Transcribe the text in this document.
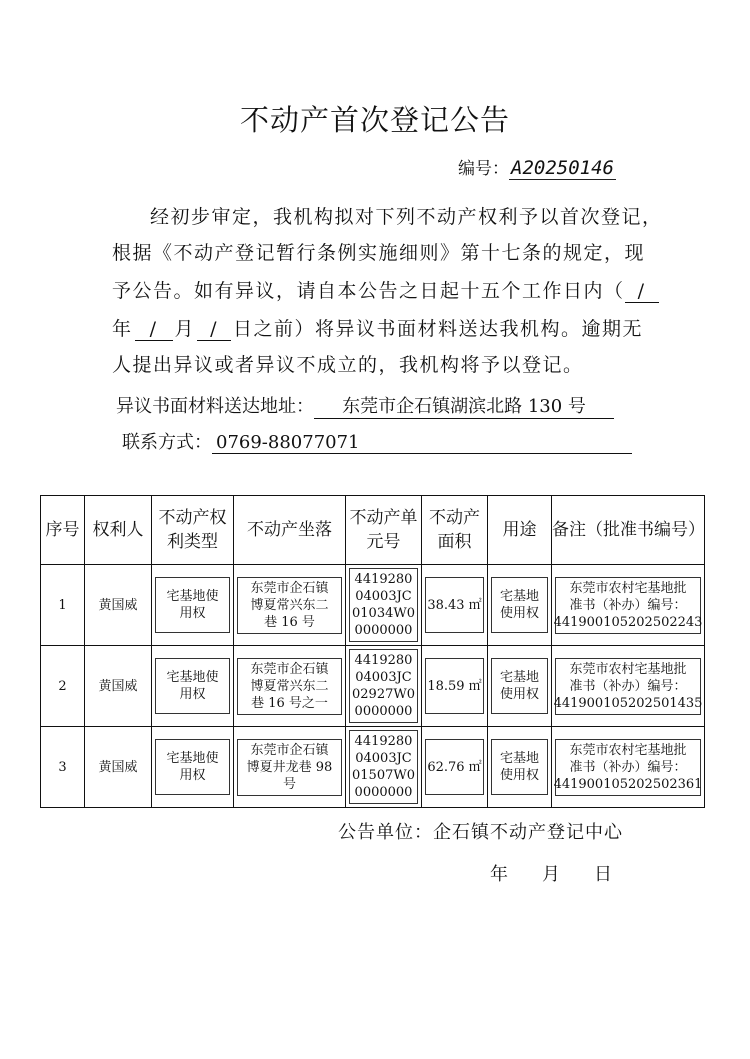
不动产首次登记公告
编号： A20250146
经初步审定，我机构拟对下列不动产权利予以首次登记，
根据《不动产登记暂行条例实施细则》第十七条的规定，现
予公告。如有异议，请自本公告之日起十五个工作日内（ /
年 / 月 / 日之前）将异议书面材料送达我机构。逾期无
人提出异议或者异议不成立的，我机构将予以登记。
异议书面材料送达地址： 东莞市企石镇湖滨北路 130 号
联系方式： 0769-88077071
序号	权利人	不动产权
利类型	不动产坐落	不动产单
元号	不动产
面积	用途	备注（批准书编号）
1	黄国威	宅基地使
用权	东莞市企石镇
博夏常兴东二
巷 16 号	4419280
04003JC
01034W0
0000000	38.43 ㎡	宅基地
使用权	东莞市农村宅基地批
准书（补办）编号：
441900105202502243

2	黄国威	宅基地使
用权	东莞市企石镇
博夏常兴东二
巷 16 号之一	4419280
04003JC
02927W0
0000000	18.59 ㎡	宅基地
使用权	东莞市农村宅基地批
准书（补办）编号：
441900105202501435

3	黄国威	宅基地使
用权	东莞市企石镇
博夏井龙巷 98
号	4419280
04003JC
01507W0
0000000	62.76 ㎡	宅基地
使用权	东莞市农村宅基地批
准书（补办）编号：
441900105202502361
公告单位：企石镇不动产登记中心
年 月 日
